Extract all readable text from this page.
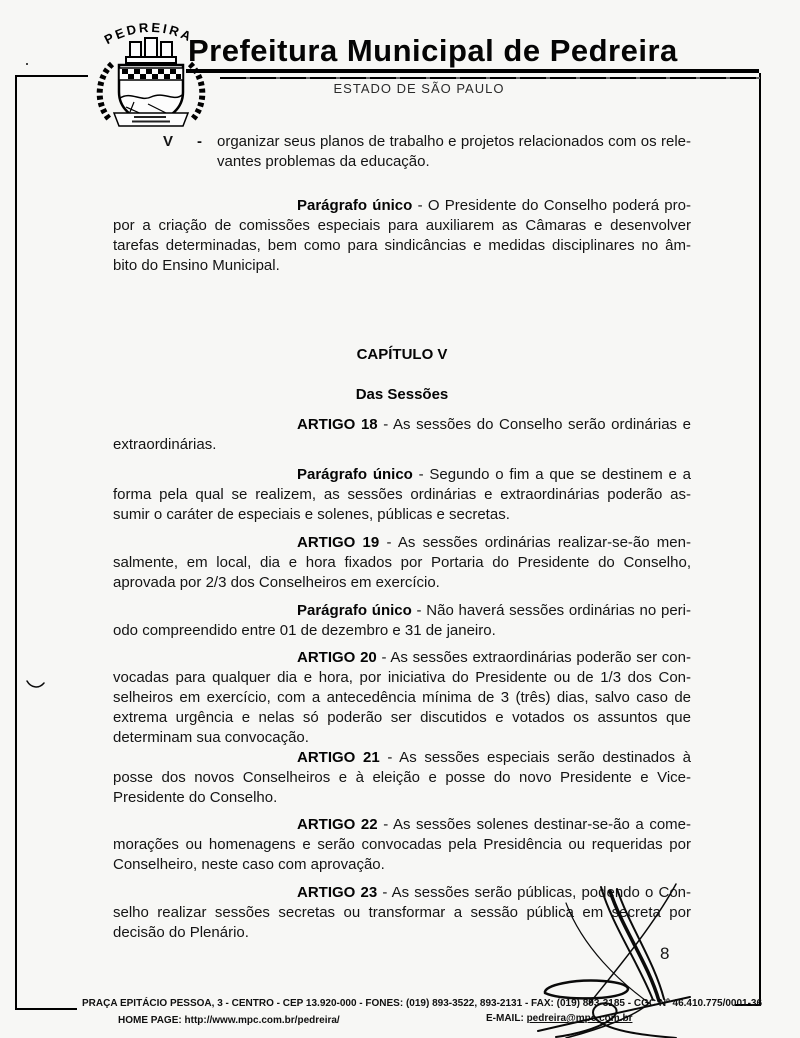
PEDREIRA
Prefeitura Municipal de Pedreira
ESTADO DE SÃO PAULO
V - organizar seus planos de trabalho e projetos relacionados com os rele-
vantes problemas da educação.
Parágrafo único - O Presidente do Conselho poderá pro-
por a criação de comissões especiais para auxiliarem as Câmaras e desenvolver
tarefas determinadas, bem como para sindicâncias e medidas disciplinares no âm-
bito do Ensino Municipal.
CAPÍTULO V
Das Sessões
ARTIGO 18 - As sessões do Conselho serão ordinárias e
extraordinárias.
Parágrafo único - Segundo o fim a que se destinem e a
forma pela qual se realizem, as sessões ordinárias e extraordinárias poderão as-
sumir o caráter de especiais e solenes, públicas e secretas.
ARTIGO 19 - As sessões ordinárias realizar-se-ão men-
salmente, em local, dia e hora fixados por Portaria do Presidente do Conselho,
aprovada por 2/3 dos Conselheiros em exercício.
Parágrafo único - Não haverá sessões ordinárias no peri-
odo compreendido entre 01 de dezembro e 31 de janeiro.
ARTIGO 20 - As sessões extraordinárias poderão ser con-
vocadas para qualquer dia e hora, por iniciativa do Presidente ou de 1/3 dos Con-
selheiros em exercício, com a antecedência mínima de 3 (três) dias, salvo caso de
extrema urgência e nelas só poderão ser discutidos e votados os assuntos que
determinam sua convocação.
ARTIGO 21 - As sessões especiais serão destinados à
posse dos novos Conselheiros e à eleição e posse do novo Presidente e Vice-
Presidente do Conselho.
ARTIGO 22 - As sessões solenes destinar-se-ão a come-
morações ou homenagens e serão convocadas pela Presidência ou requeridas por
Conselheiro, neste caso com aprovação.
ARTIGO 23 - As sessões serão públicas, podendo o Con-
selho realizar sessões secretas ou transformar a sessão pública em secreta por
decisão do Plenário.
8
PRAÇA EPITÁCIO PESSOA, 3 - CENTRO - CEP 13.920-000 - FONES: (019) 893-3522, 893-2131 - FAX: (019) 893-3185 - CGC Nº 46.410.775/0001-36
HOME PAGE: http://www.mpc.com.br/pedreira/	E-MAIL: pedreira@mpc.com.br
